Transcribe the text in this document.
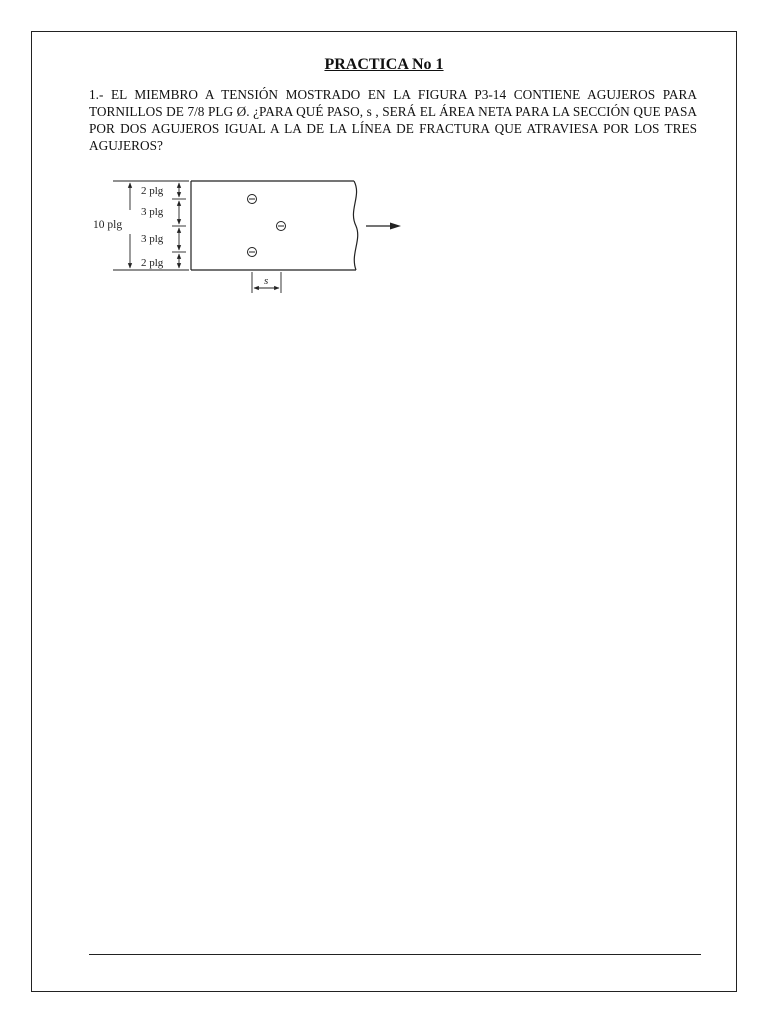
PRACTICA No 1

1.- EL MIEMBRO A TENSIÓN MOSTRADO EN LA FIGURA P3-14 CONTIENE AGUJEROS PARA TORNILLOS DE 7/8 PLG Ø. ¿PARA QUÉ PASO, s , SERÁ EL ÁREA NETA PARA LA SECCIÓN QUE PASA POR DOS AGUJEROS IGUAL A LA DE LA LÍNEA DE FRACTURA QUE ATRAVIESA POR LOS TRES AGUJEROS?

10 plg
2 plg
3 plg
3 plg
2 plg
s
